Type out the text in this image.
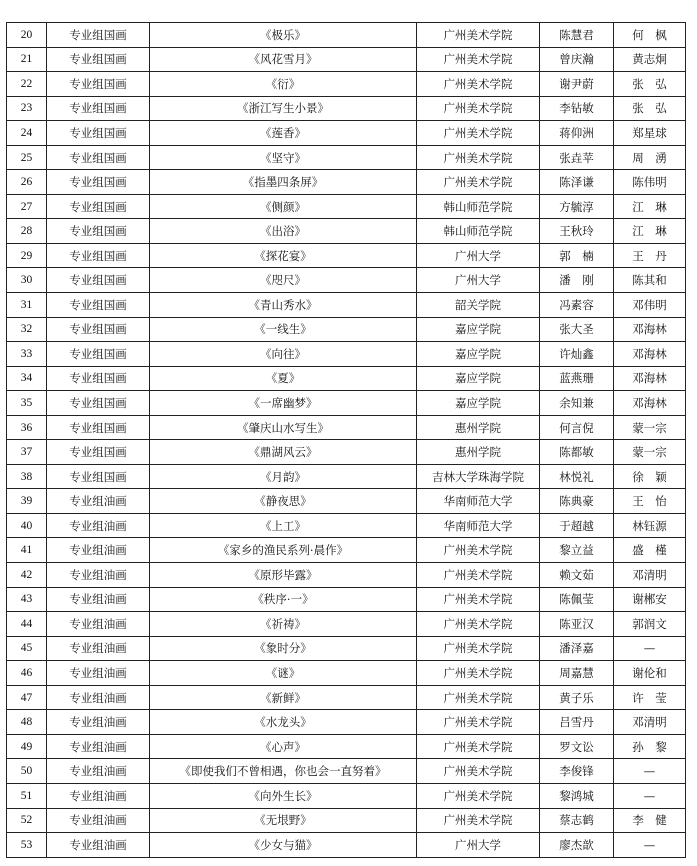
20	专业组国画	《极乐》	广州美术学院	陈慧君	何　枫
21	专业组国画	《风花雪月》	广州美术学院	曾庆瀚	黄志炯
22	专业组国画	《衍》	广州美术学院	谢尹蔚	张　弘
23	专业组国画	《浙江写生小景》	广州美术学院	李钻敏	张　弘
24	专业组国画	《莲香》	广州美术学院	蒋仰洲	郑星球
25	专业组国画	《坚守》	广州美术学院	张垚苹	周　湧
26	专业组国画	《指墨四条屏》	广州美术学院	陈泽谦	陈伟明
27	专业组国画	《侧颜》	韩山师范学院	方毓淳	江　琳
28	专业组国画	《出浴》	韩山师范学院	王秋玲	江　琳
29	专业组国画	《探花宴》	广州大学	郭　楠	王　丹
30	专业组国画	《咫尺》	广州大学	潘　刚	陈其和
31	专业组国画	《青山秀水》	韶关学院	冯素容	邓伟明
32	专业组国画	《一线生》	嘉应学院	张大圣	邓海林
33	专业组国画	《向往》	嘉应学院	许灿鑫	邓海林
34	专业组国画	《夏》	嘉应学院	蓝燕珊	邓海林
35	专业组国画	《一席幽梦》	嘉应学院	余知兼	邓海林
36	专业组国画	《肇庆山水写生》	惠州学院	何言倪	蒙一宗
37	专业组国画	《鼎湖风云》	惠州学院	陈都敏	蒙一宗
38	专业组国画	《月韵》	吉林大学珠海学院	林悦礼	徐　颖
39	专业组油画	《静夜思》	华南师范大学	陈典豪	王　怡
40	专业组油画	《上工》	华南师范大学	于超越	林钰源
41	专业组油画	《家乡的渔民系列·晨作》	广州美术学院	黎立益	盛　槿
42	专业组油画	《原形毕露》	广州美术学院	赖文茹	邓清明
43	专业组油画	《秩序·一》	广州美术学院	陈佩莹	谢郴安
44	专业组油画	《祈祷》	广州美术学院	陈亚汉	郭润文
45	专业组油画	《象时分》	广州美术学院	潘泽嘉	—
46	专业组油画	《谜》	广州美术学院	周嘉慧	谢伦和
47	专业组油画	《新鲜》	广州美术学院	黄子乐	许　莹
48	专业组油画	《水龙头》	广州美术学院	吕雪丹	邓清明
49	专业组油画	《心声》	广州美术学院	罗文讼	孙　黎
50	专业组油画	《即使我们不曾相遇，你也会一直努着》	广州美术学院	李俊锋	—
51	专业组油画	《向外生长》	广州美术学院	黎鸿城	—
52	专业组油画	《无垠野》	广州美术学院	蔡志鹤	李　健
53	专业组油画	《少女与猫》	广州大学	廖杰歆	—
